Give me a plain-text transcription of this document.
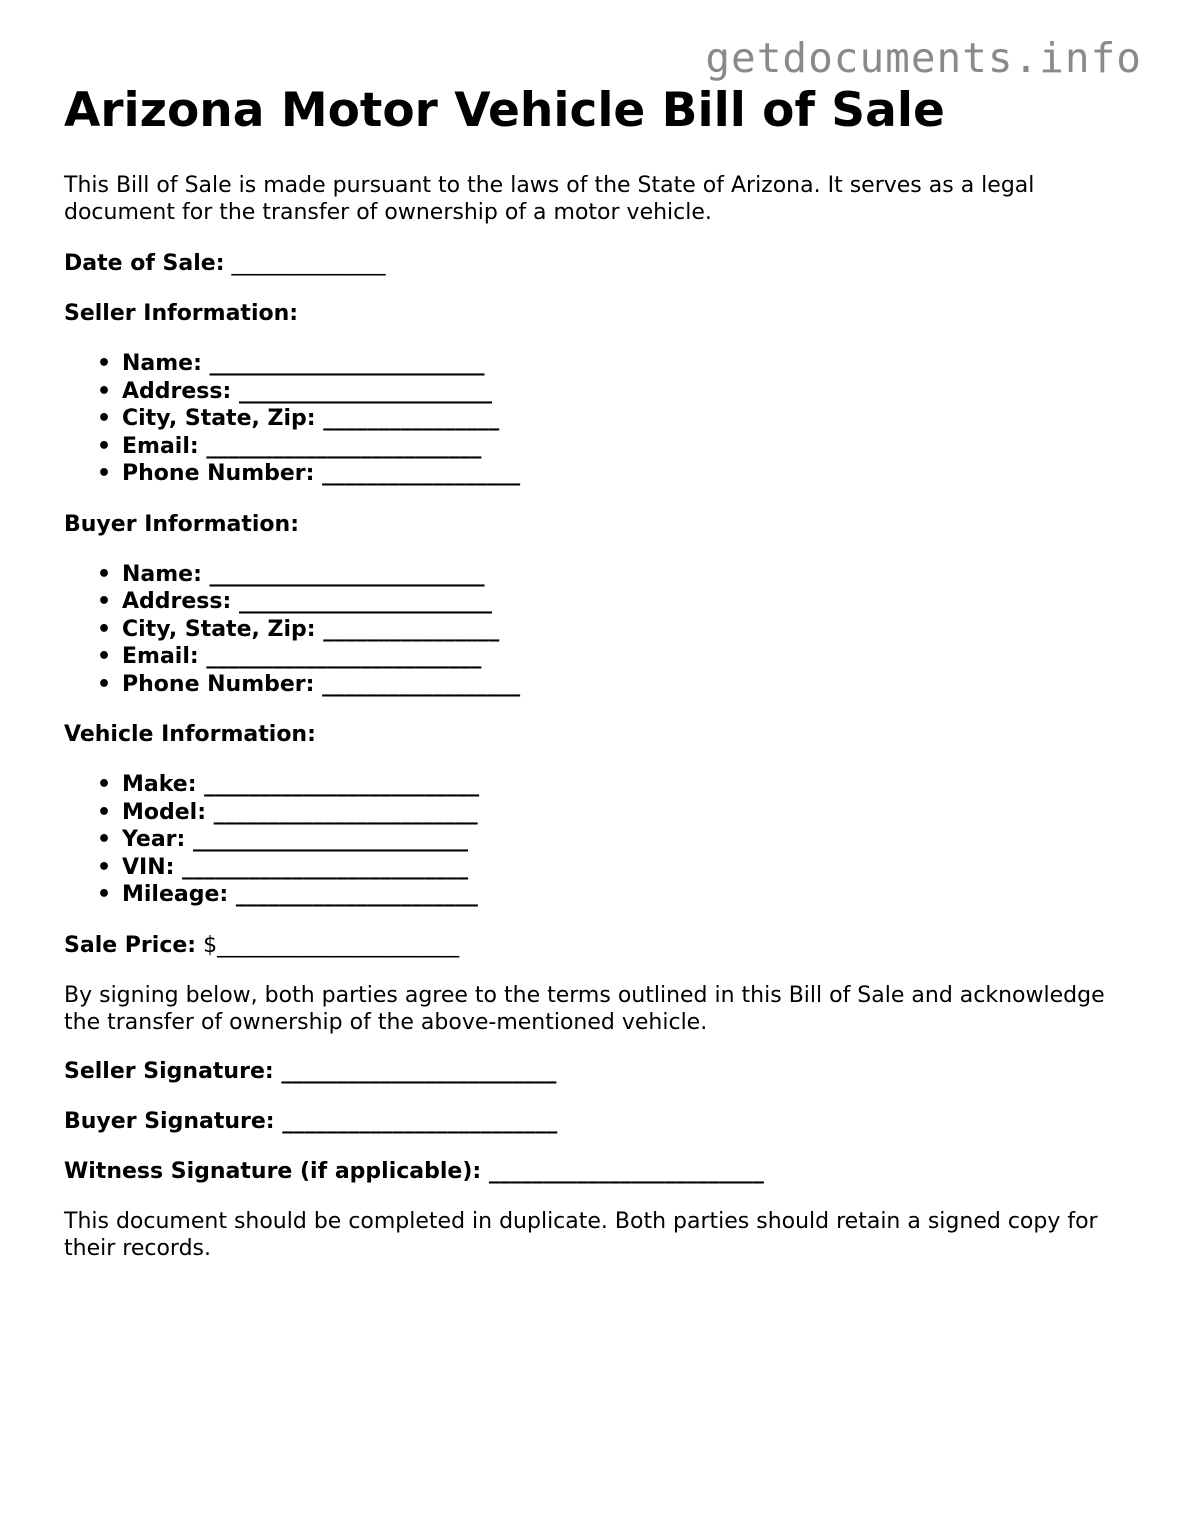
getdocuments.info
Arizona Motor Vehicle Bill of Sale

This Bill of Sale is made pursuant to the laws of the State of Arizona. It serves as a legal document for the transfer of ownership of a motor vehicle.

Date of Sale: ______________

Seller Information:

• Name: _________________________
• Address: _______________________
• City, State, Zip: ________________
• Email: _________________________
• Phone Number: __________________

Buyer Information:

• Name: _________________________
• Address: _______________________
• City, State, Zip: ________________
• Email: _________________________
• Phone Number: __________________

Vehicle Information:

• Make: _________________________
• Model: ________________________
• Year: _________________________
• VIN: __________________________
• Mileage: ______________________

Sale Price: $______________________

By signing below, both parties agree to the terms outlined in this Bill of Sale and acknowledge the transfer of ownership of the above-mentioned vehicle.

Seller Signature: _________________________

Buyer Signature: _________________________

Witness Signature (if applicable): _________________________

This document should be completed in duplicate. Both parties should retain a signed copy for their records.
